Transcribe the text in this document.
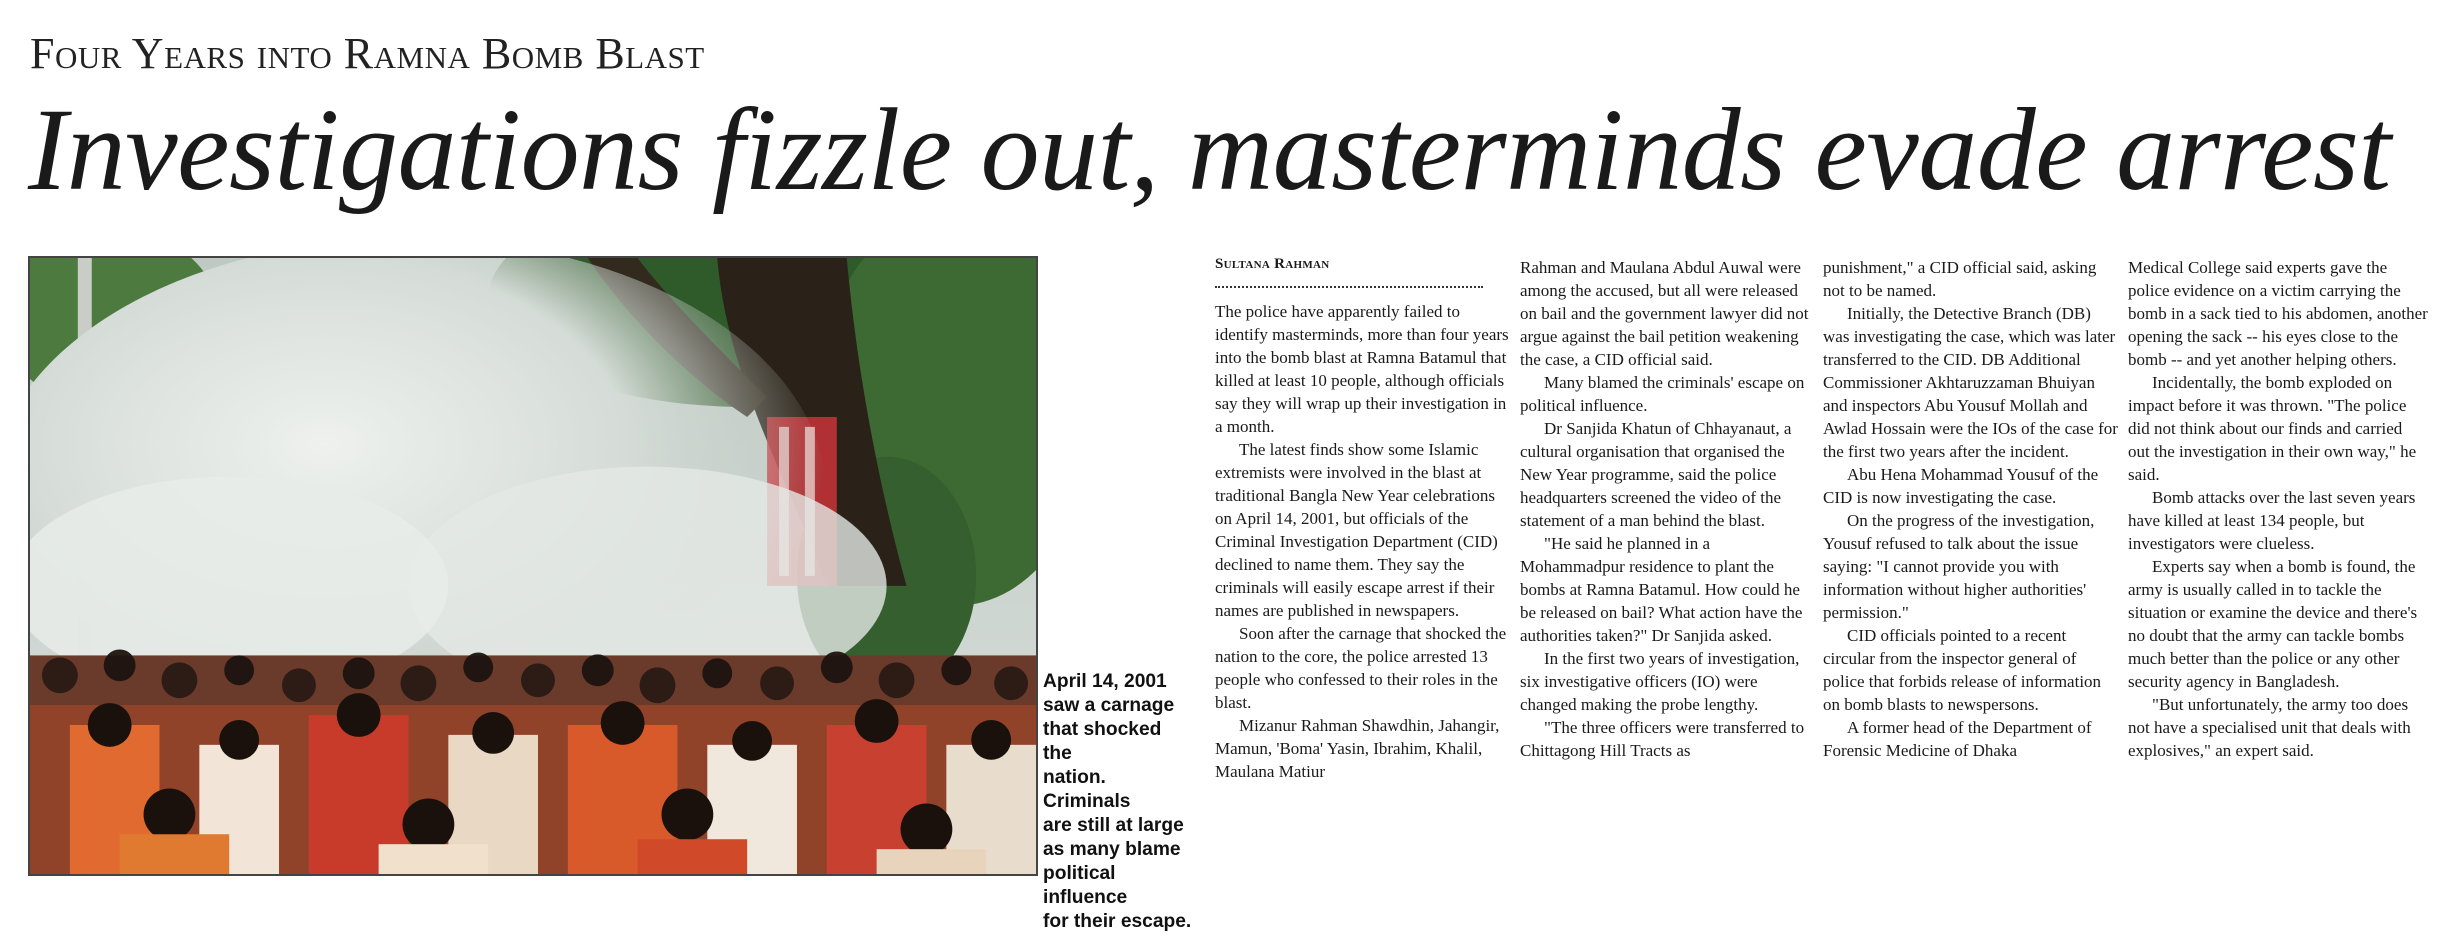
Four Years into Ramna Bomb Blast
Investigations fizzle out, masterminds evade arrest
April 14, 2001
saw a carnage
that shocked the
nation. Criminals
are still at large
as many blame
political influence
for their escape.
Sultana Rahman

The police have apparently failed to identify masterminds, more than four years into the bomb blast at Ramna Batamul that killed at least 10 people, although officials say they will wrap up their investigation in a month.

The latest finds show some Islamic extremists were involved in the blast at traditional Bangla New Year celebrations on April 14, 2001, but officials of the Criminal Investigation Department (CID) declined to name them. They say the criminals will easily escape arrest if their names are published in newspapers.

Soon after the carnage that shocked the nation to the core, the police arrested 13 people who confessed to their roles in the blast.

Mizanur Rahman Shawdhin, Jahangir, Mamun, 'Boma' Yasin, Ibrahim, Khalil, Maulana Matiur

Rahman and Maulana Abdul Auwal were among the accused, but all were released on bail and the government lawyer did not argue against the bail petition weakening the case, a CID official said.

Many blamed the criminals' escape on political influence.

Dr Sanjida Khatun of Chhayanaut, a cultural organisation that organised the New Year programme, said the police headquarters screened the video of the statement of a man behind the blast.

"He said he planned in a Mohammadpur residence to plant the bombs at Ramna Batamul. How could he be released on bail? What action have the authorities taken?" Dr Sanjida asked.

In the first two years of investigation, six investigative officers (IO) were changed making the probe lengthy.

"The three officers were transferred to Chittagong Hill Tracts as

punishment," a CID official said, asking not to be named.

Initially, the Detective Branch (DB) was investigating the case, which was later transferred to the CID. DB Additional Commissioner Akhtaruzzaman Bhuiyan and inspectors Abu Yousuf Mollah and Awlad Hossain were the IOs of the case for the first two years after the incident.

Abu Hena Mohammad Yousuf of the CID is now investigating the case.

On the progress of the investigation, Yousuf refused to talk about the issue saying: "I cannot provide you with information without higher authorities' permission."

CID officials pointed to a recent circular from the inspector general of police that forbids release of information on bomb blasts to newspersons.

A former head of the Department of Forensic Medicine of Dhaka

Medical College said experts gave the police evidence on a victim carrying the bomb in a sack tied to his abdomen, another opening the sack -- his eyes close to the bomb -- and yet another helping others.

Incidentally, the bomb exploded on impact before it was thrown. "The police did not think about our finds and carried out the investigation in their own way," he said.

Bomb attacks over the last seven years have killed at least 134 people, but investigators were clueless.

Experts say when a bomb is found, the army is usually called in to tackle the situation or examine the device and there's no doubt that the army can tackle bombs much better than the police or any other security agency in Bangladesh.

"But unfortunately, the army too does not have a specialised unit that deals with explosives," an expert said.
